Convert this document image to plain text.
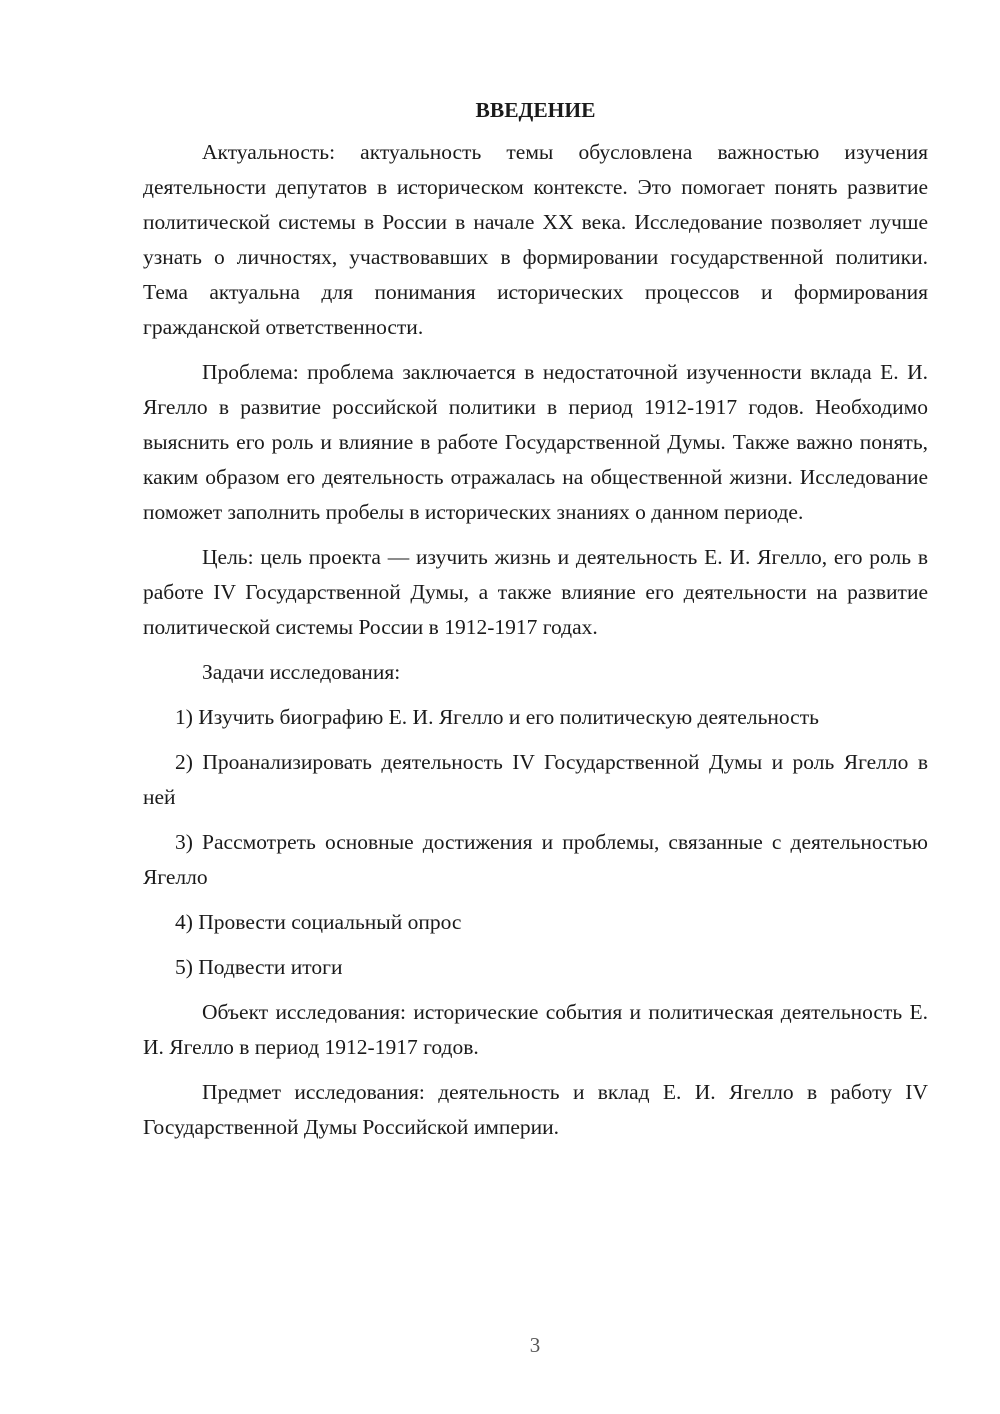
ВВЕДЕНИЕ

Актуальность: актуальность темы обусловлена важностью изучения деятельности депутатов в историческом контексте. Это помогает понять развитие политической системы в России в начале XX века. Исследование позволяет лучше узнать о личностях, участвовавших в формировании государственной политики. Тема актуальна для понимания исторических процессов и формирования гражданской ответственности.

Проблема: проблема заключается в недостаточной изученности вклада Е. И. Ягелло в развитие российской политики в период 1912-1917 годов. Необходимо выяснить его роль и влияние в работе Государственной Думы. Также важно понять, каким образом его деятельность отражалась на общественной жизни. Исследование поможет заполнить пробелы в исторических знаниях о данном периоде.

Цель: цель проекта — изучить жизнь и деятельность Е. И. Ягелло, его роль в работе IV Государственной Думы, а также влияние его деятельности на развитие политической системы России в 1912-1917 годах.

Задачи исследования:

1) Изучить биографию Е. И. Ягелло и его политическую деятельность

2) Проанализировать деятельность IV Государственной Думы и роль Ягелло в ней

3) Рассмотреть основные достижения и проблемы, связанные с деятельностью Ягелло

4) Провести социальный опрос

5) Подвести итоги

Объект исследования: исторические события и политическая деятельность Е. И. Ягелло в период 1912-1917 годов.

Предмет исследования: деятельность и вклад Е. И. Ягелло в работу IV Государственной Думы Российской империи.

3
